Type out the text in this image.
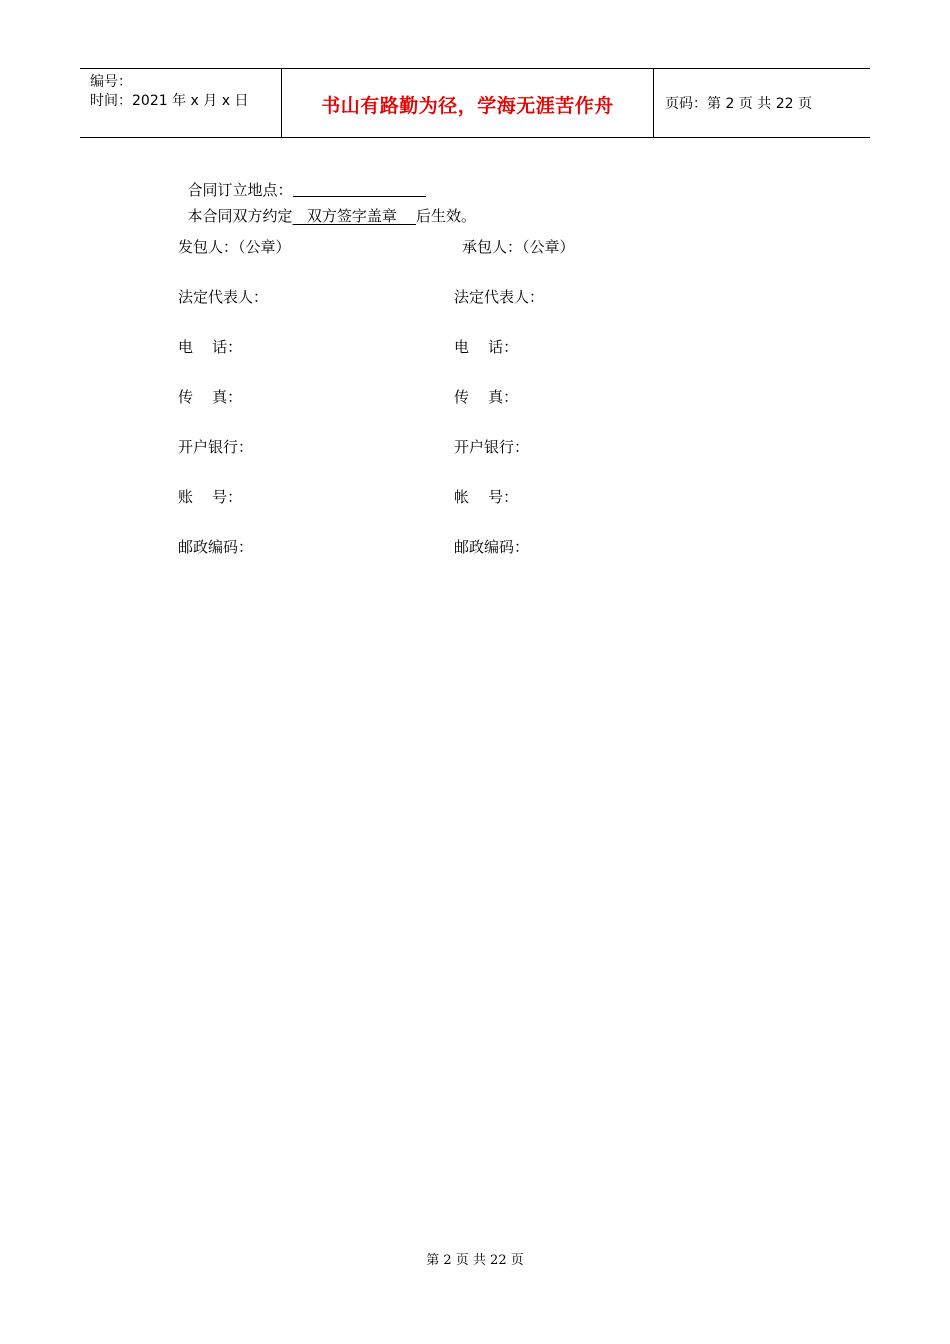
编号：
时间：2021 年 x 月 x 日	书山有路勤为径，学海无涯苦作舟	页码：第 2 页 共 22 页

合同订立地点：

本合同双方约定   双方签字盖章    后生效。

发包人：（公章）
法定代表人：
电    话：
传    真：
开户银行：
账    号：
邮政编码：
承包人：（公章）
法定代表人：
电    话：
传    真：
开户银行：
帐    号：
邮政编码：
第 2 页 共 22 页
